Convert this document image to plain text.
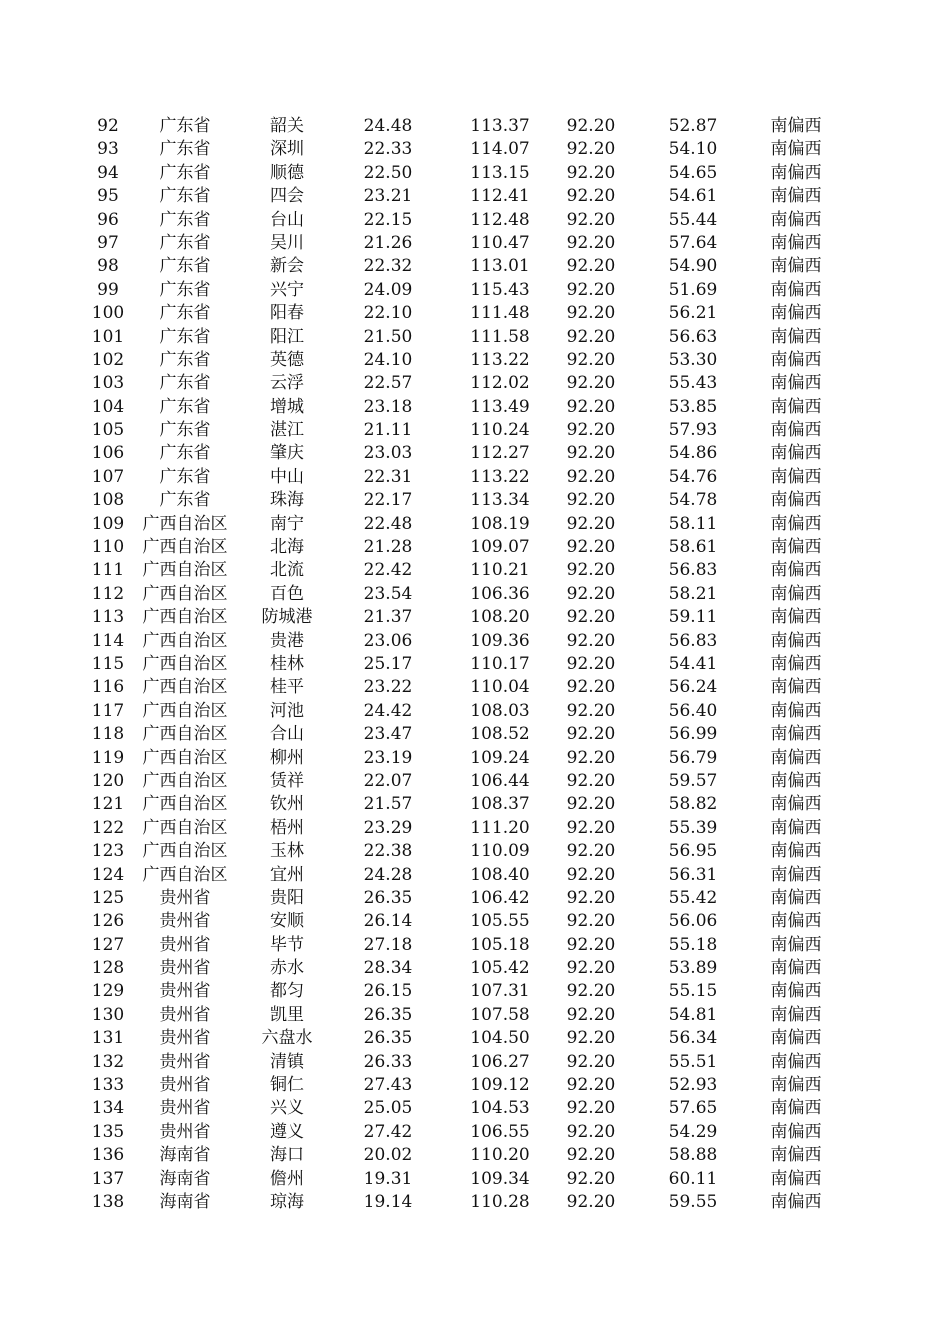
92	广东省	韶关	24.48	113.37	92.20	52.87	南偏西
93	广东省	深圳	22.33	114.07	92.20	54.10	南偏西
94	广东省	顺德	22.50	113.15	92.20	54.65	南偏西
95	广东省	四会	23.21	112.41	92.20	54.61	南偏西
96	广东省	台山	22.15	112.48	92.20	55.44	南偏西
97	广东省	吴川	21.26	110.47	92.20	57.64	南偏西
98	广东省	新会	22.32	113.01	92.20	54.90	南偏西
99	广东省	兴宁	24.09	115.43	92.20	51.69	南偏西
100	广东省	阳春	22.10	111.48	92.20	56.21	南偏西
101	广东省	阳江	21.50	111.58	92.20	56.63	南偏西
102	广东省	英德	24.10	113.22	92.20	53.30	南偏西
103	广东省	云浮	22.57	112.02	92.20	55.43	南偏西
104	广东省	增城	23.18	113.49	92.20	53.85	南偏西
105	广东省	湛江	21.11	110.24	92.20	57.93	南偏西
106	广东省	肇庆	23.03	112.27	92.20	54.86	南偏西
107	广东省	中山	22.31	113.22	92.20	54.76	南偏西
108	广东省	珠海	22.17	113.34	92.20	54.78	南偏西
109	广西自治区	南宁	22.48	108.19	92.20	58.11	南偏西
110	广西自治区	北海	21.28	109.07	92.20	58.61	南偏西
111	广西自治区	北流	22.42	110.21	92.20	56.83	南偏西
112	广西自治区	百色	23.54	106.36	92.20	58.21	南偏西
113	广西自治区	防城港	21.37	108.20	92.20	59.11	南偏西
114	广西自治区	贵港	23.06	109.36	92.20	56.83	南偏西
115	广西自治区	桂林	25.17	110.17	92.20	54.41	南偏西
116	广西自治区	桂平	23.22	110.04	92.20	56.24	南偏西
117	广西自治区	河池	24.42	108.03	92.20	56.40	南偏西
118	广西自治区	合山	23.47	108.52	92.20	56.99	南偏西
119	广西自治区	柳州	23.19	109.24	92.20	56.79	南偏西
120	广西自治区	赁祥	22.07	106.44	92.20	59.57	南偏西
121	广西自治区	钦州	21.57	108.37	92.20	58.82	南偏西
122	广西自治区	梧州	23.29	111.20	92.20	55.39	南偏西
123	广西自治区	玉林	22.38	110.09	92.20	56.95	南偏西
124	广西自治区	宜州	24.28	108.40	92.20	56.31	南偏西
125	贵州省	贵阳	26.35	106.42	92.20	55.42	南偏西
126	贵州省	安顺	26.14	105.55	92.20	56.06	南偏西
127	贵州省	毕节	27.18	105.18	92.20	55.18	南偏西
128	贵州省	赤水	28.34	105.42	92.20	53.89	南偏西
129	贵州省	都匀	26.15	107.31	92.20	55.15	南偏西
130	贵州省	凯里	26.35	107.58	92.20	54.81	南偏西
131	贵州省	六盘水	26.35	104.50	92.20	56.34	南偏西
132	贵州省	清镇	26.33	106.27	92.20	55.51	南偏西
133	贵州省	铜仁	27.43	109.12	92.20	52.93	南偏西
134	贵州省	兴义	25.05	104.53	92.20	57.65	南偏西
135	贵州省	遵义	27.42	106.55	92.20	54.29	南偏西
136	海南省	海口	20.02	110.20	92.20	58.88	南偏西
137	海南省	儋州	19.31	109.34	92.20	60.11	南偏西
138	海南省	琼海	19.14	110.28	92.20	59.55	南偏西
